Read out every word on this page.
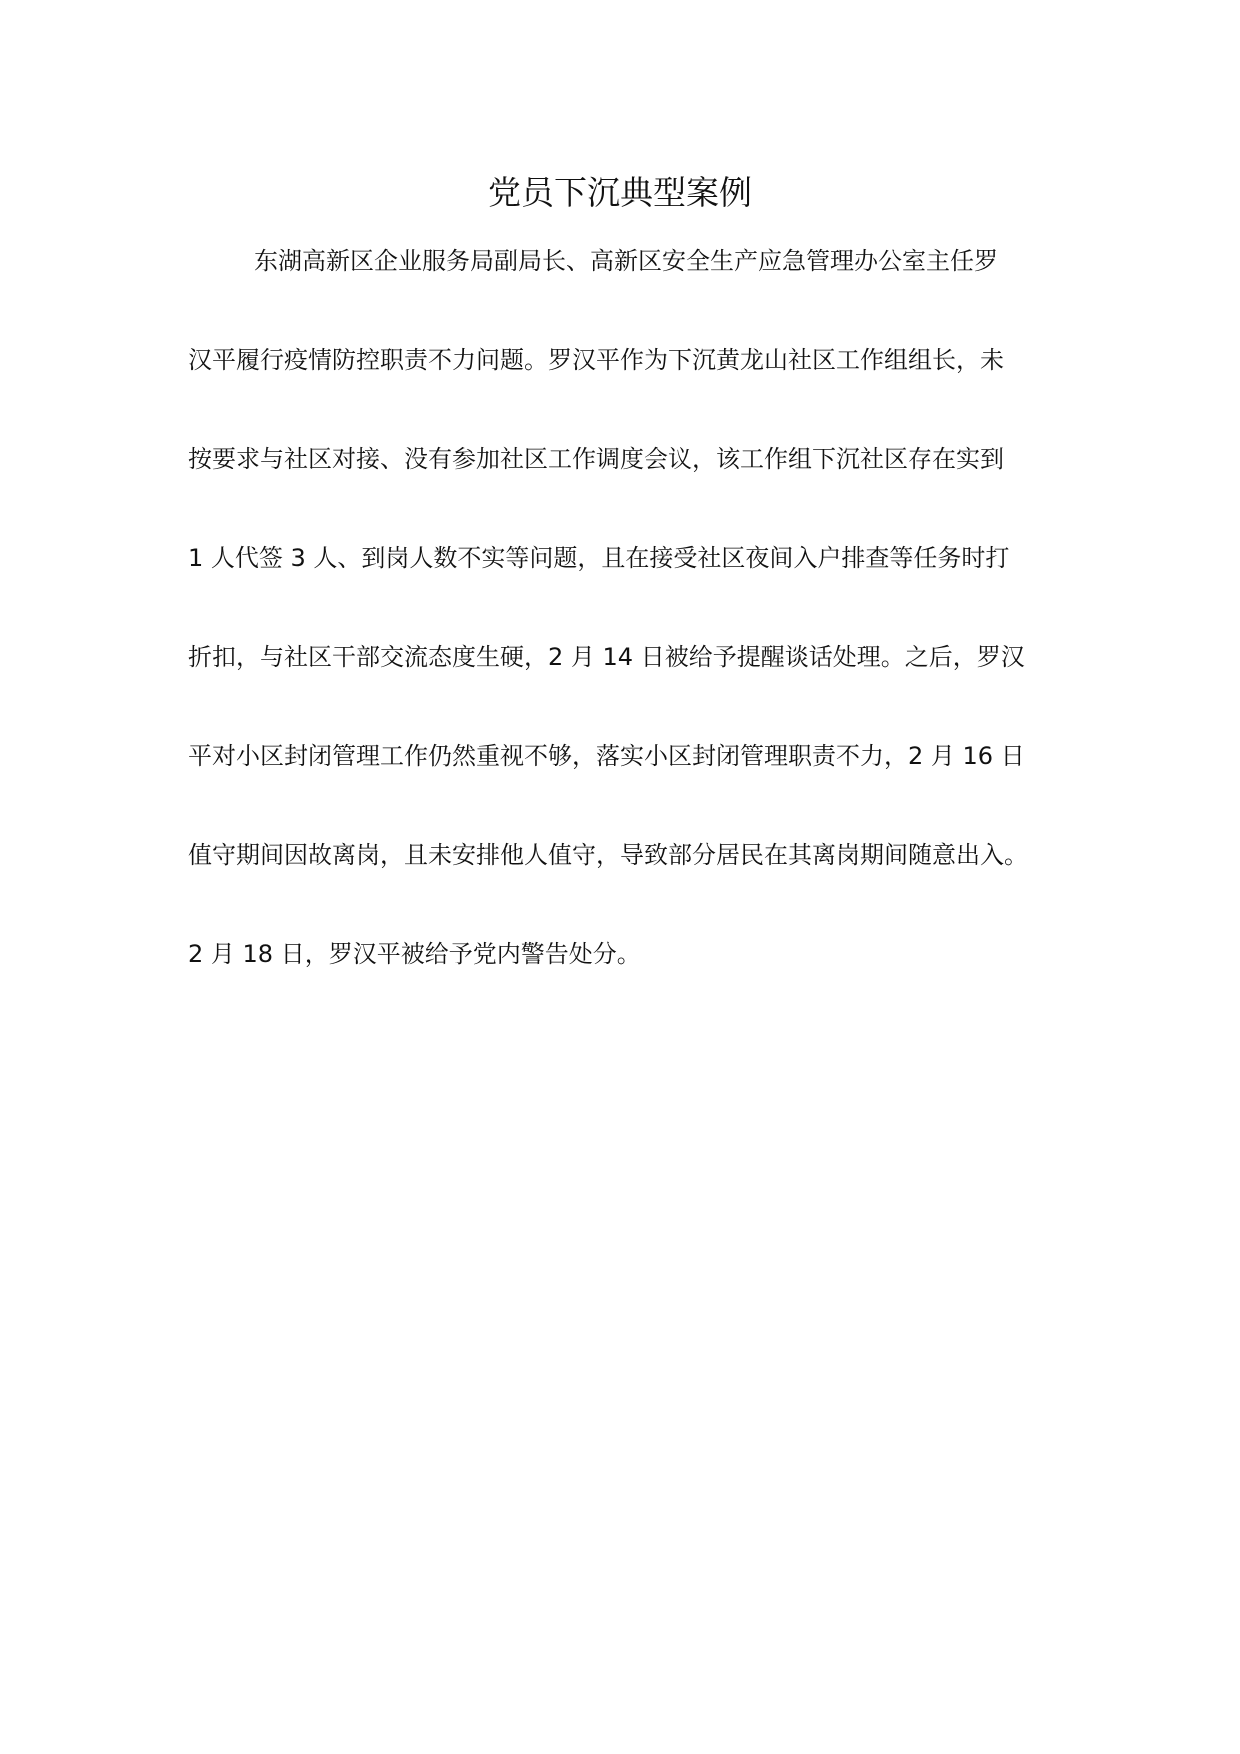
党员下沉典型案例
东湖高新区企业服务局副局长、高新区安全生产应急管理办公室主任罗
汉平履行疫情防控职责不力问题。罗汉平作为下沉黄龙山社区工作组组长，未
按要求与社区对接、没有参加社区工作调度会议，该工作组下沉社区存在实到
1 人代签 3 人、到岗人数不实等问题，且在接受社区夜间入户排查等任务时打
折扣，与社区干部交流态度生硬，2 月 14 日被给予提醒谈话处理。之后，罗汉
平对小区封闭管理工作仍然重视不够，落实小区封闭管理职责不力，2 月 16 日
值守期间因故离岗，且未安排他人值守，导致部分居民在其离岗期间随意出入。
2 月 18 日，罗汉平被给予党内警告处分。
